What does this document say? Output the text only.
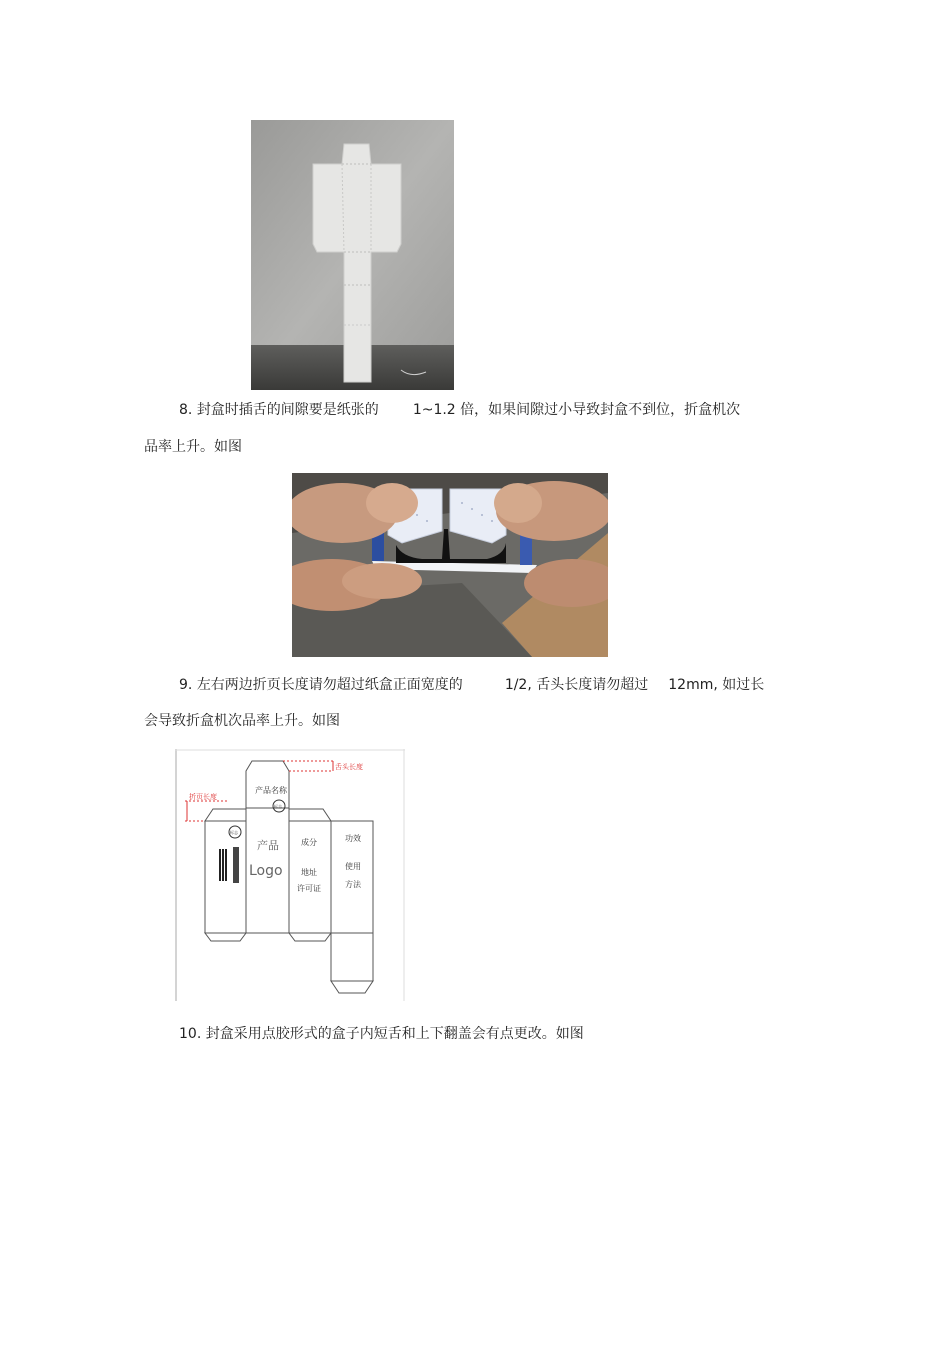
8. 封盒时插舌的间隙要是纸张的 1~1.2 倍，如果间隙过小导致封盒不到位，折盒机次
品率上升。如图
9. 左右两边折页长度请勿超过纸盒正面宽度的	1/2, 舌头长度请勿超过 12mm, 如过长
会导致折盒机次品率上升。如图
舌头长度
折页长度
产品名称
标志
标志
产品
Logo
成分
地址
许可证
功效
使用
方法
10. 封盒采用点胶形式的盒子内短舌和上下翻盖会有点更改。如图
